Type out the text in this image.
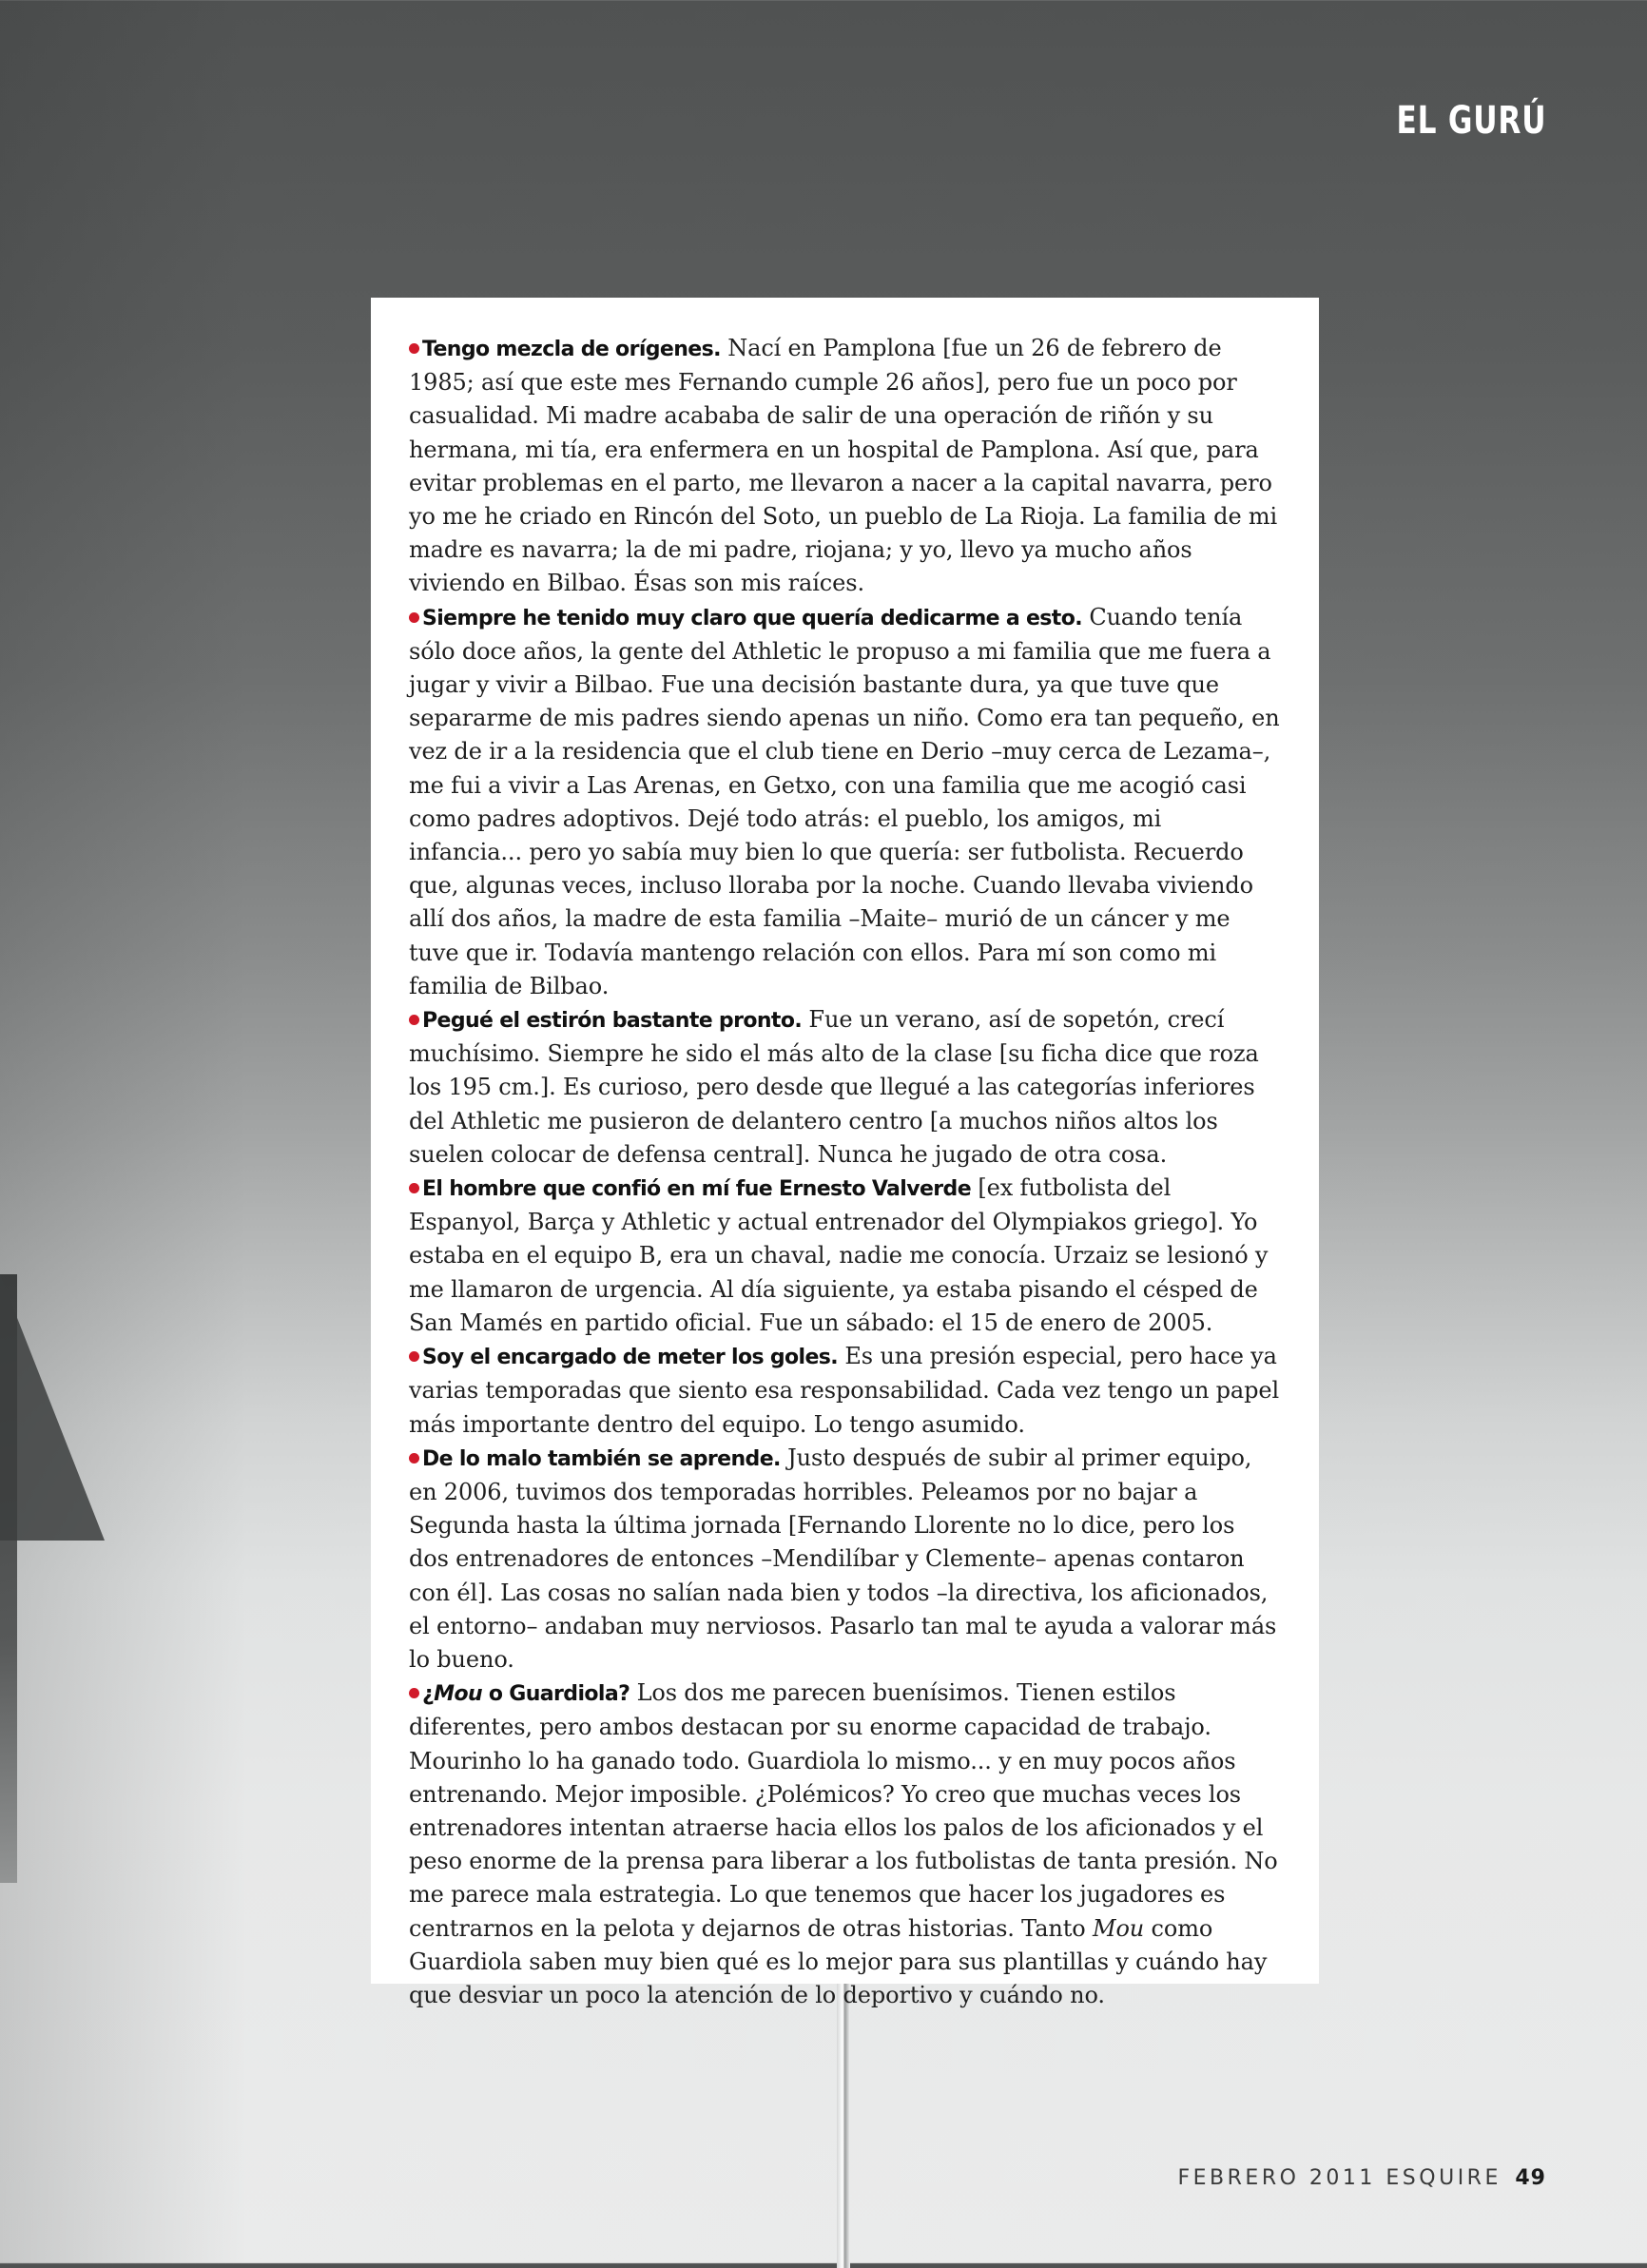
EL GURÚ

Tengo mezcla de orígenes. Nací en Pamplona [fue un 26 de febrero de 1985; así que este mes Fernando cumple 26 años], pero fue un poco por casualidad. Mi madre acababa de salir de una operación de riñón y su hermana, mi tía, era enfermera en un hospital de Pamplona. Así que, para evitar problemas en el parto, me llevaron a nacer a la capital navarra, pero yo me he criado en Rincón del Soto, un pueblo de La Rioja. La familia de mi madre es navarra; la de mi padre, riojana; y yo, llevo ya mucho años viviendo en Bilbao. Ésas son mis raíces.

Siempre he tenido muy claro que quería dedicarme a esto. Cuando tenía sólo doce años, la gente del Athletic le propuso a mi familia que me fuera a jugar y vivir a Bilbao. Fue una decisión bastante dura, ya que tuve que separarme de mis padres siendo apenas un niño. Como era tan pequeño, en vez de ir a la residencia que el club tiene en Derio –muy cerca de Lezama–, me fui a vivir a Las Arenas, en Getxo, con una familia que me acogió casi como padres adoptivos. Dejé todo atrás: el pueblo, los amigos, mi infancia... pero yo sabía muy bien lo que quería: ser futbolista. Recuerdo que, algunas veces, incluso lloraba por la noche. Cuando llevaba viviendo allí dos años, la madre de esta familia –Maite– murió de un cáncer y me tuve que ir. Todavía mantengo relación con ellos. Para mí son como mi familia de Bilbao.

Pegué el estirón bastante pronto. Fue un verano, así de sopetón, crecí muchísimo. Siempre he sido el más alto de la clase [su ficha dice que roza los 195 cm.]. Es curioso, pero desde que llegué a las categorías inferiores del Athletic me pusieron de delantero centro [a muchos niños altos los suelen colocar de defensa central]. Nunca he jugado de otra cosa.

El hombre que confió en mí fue Ernesto Valverde [ex futbolista del Espanyol, Barça y Athletic y actual entrenador del Olympiakos griego]. Yo estaba en el equipo B, era un chaval, nadie me conocía. Urzaiz se lesionó y me llamaron de urgencia. Al día siguiente, ya estaba pisando el césped de San Mamés en partido oficial. Fue un sábado: el 15 de enero de 2005.

Soy el encargado de meter los goles. Es una presión especial, pero hace ya varias temporadas que siento esa responsabilidad. Cada vez tengo un papel más importante dentro del equipo. Lo tengo asumido.

De lo malo también se aprende. Justo después de subir al primer equipo, en 2006, tuvimos dos temporadas horribles. Peleamos por no bajar a Segunda hasta la última jornada [Fernando Llorente no lo dice, pero los dos entrenadores de entonces –Mendilíbar y Clemente– apenas contaron con él]. Las cosas no salían nada bien y todos –la directiva, los aficionados, el entorno– andaban muy nerviosos. Pasarlo tan mal te ayuda a valorar más lo bueno.

¿Mou o Guardiola? Los dos me parecen buenísimos. Tienen estilos diferentes, pero ambos destacan por su enorme capacidad de trabajo. Mourinho lo ha ganado todo. Guardiola lo mismo... y en muy pocos años entrenando. Mejor imposible. ¿Polémicos? Yo creo que muchas veces los entrenadores intentan atraerse hacia ellos los palos de los aficionados y el peso enorme de la prensa para liberar a los futbolistas de tanta presión. No me parece mala estrategia. Lo que tenemos que hacer los jugadores es centrarnos en la pelota y dejarnos de otras historias. Tanto Mou como Guardiola saben muy bien qué es lo mejor para sus plantillas y cuándo hay que desviar un poco la atención de lo deportivo y cuándo no.

FEBRERO 2011 ESQUIRE 49
